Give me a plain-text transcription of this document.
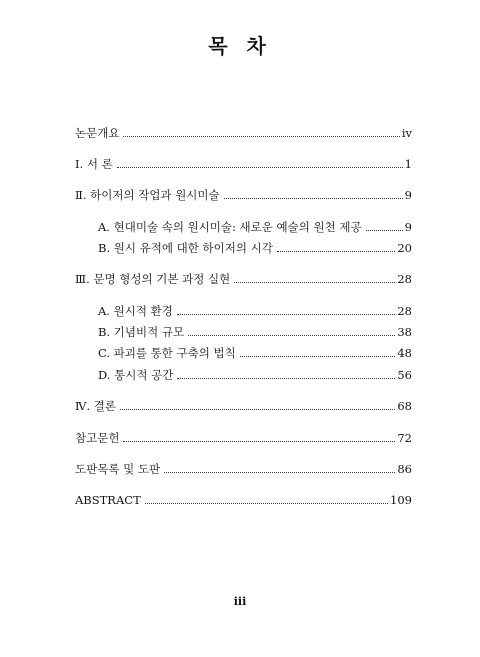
목 차
논문개요	iv
Ⅰ. 서 론	1
Ⅱ. 하이저의 작업과 원시미술	9
A. 현대미술 속의 원시미술: 새로운 예술의 원천 제공	9
B. 원시 유적에 대한 하이저의 시각	20
Ⅲ. 문명 형성의 기본 과정 실현	28
A. 원시적 환경	28
B. 기념비적 규모	38
C. 파괴를 통한 구축의 법칙	48
D. 통시적 공간	56
Ⅳ. 결론	68
참고문헌	72
도판목록 및 도판	86
ABSTRACT	109
iii
